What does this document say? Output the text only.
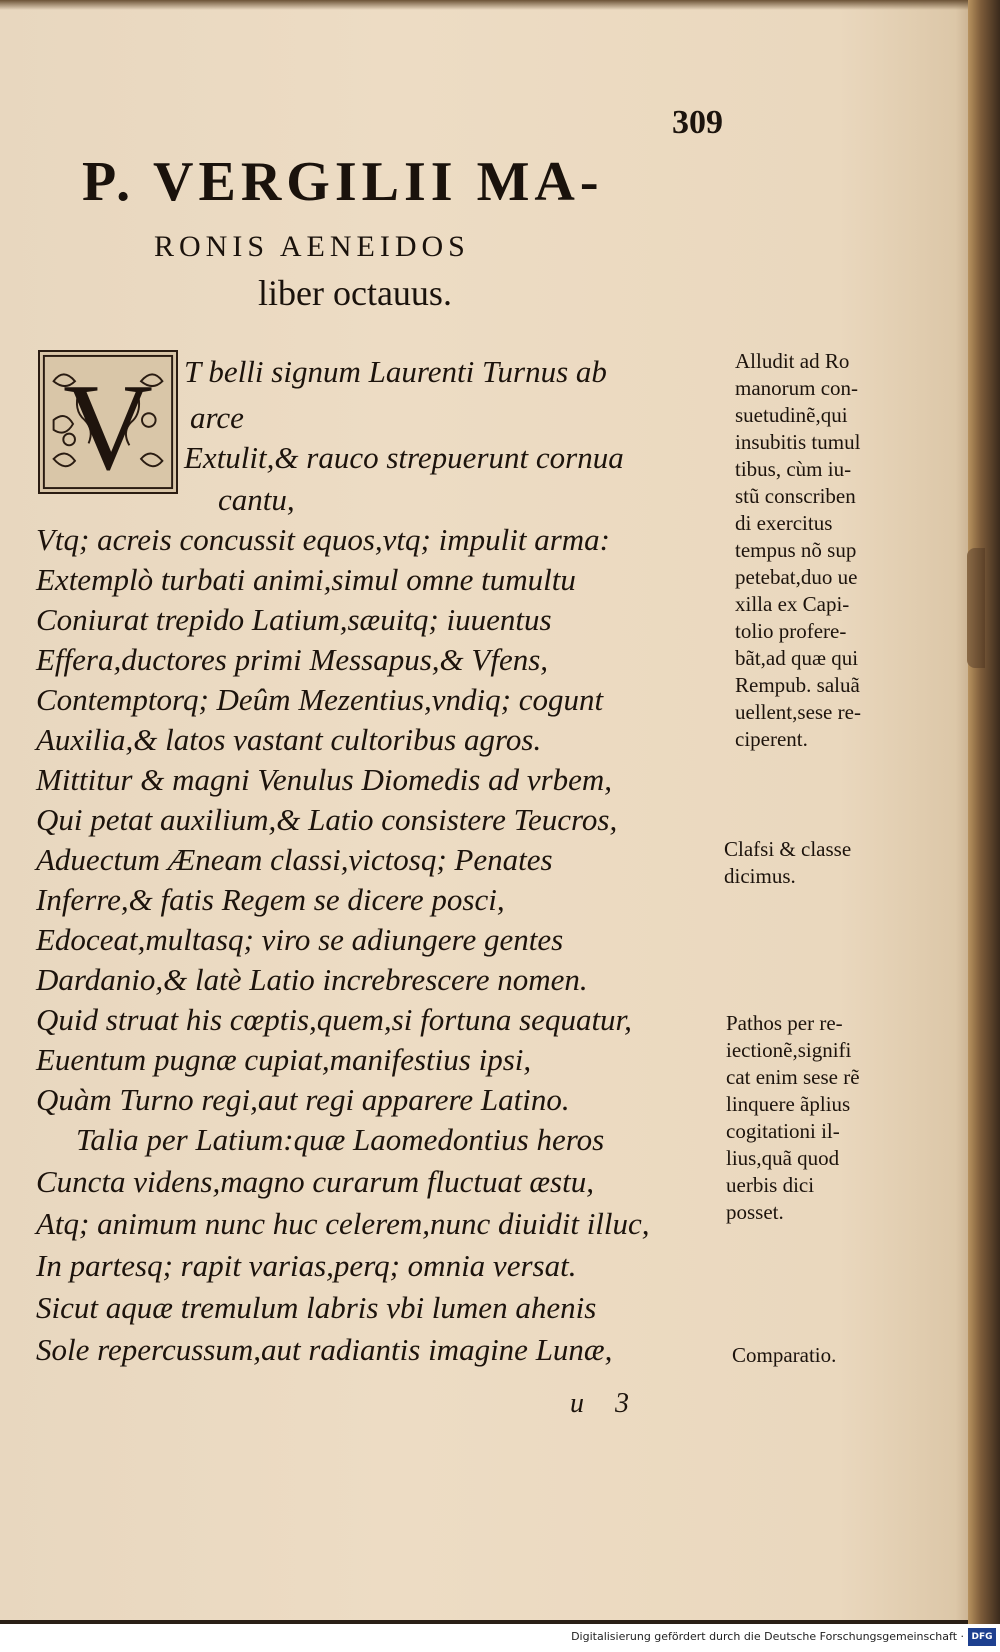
309
P. VERGILII MA-
RONIS AENEIDOS
liber octauus.
V T belli signum Laurenti Turnus ab
arce
Extulit,& rauco strepuerunt cornua
cantu,
Vtq; acreis concussit equos,vtq; impulit arma:
Extemplò turbati animi,simul omne tumultu
Coniurat trepido Latium,sæuitq; iuuentus
Effera,ductores primi Messapus,& Vfens,
Contemptorq; Deûm Mezentius,vndiq; cogunt
Auxilia,& latos vastant cultoribus agros.
Mittitur & magni Venulus Diomedis ad vrbem,
Qui petat auxilium,& Latio consistere Teucros,
Aduectum Æneam classi,victosq; Penates
Inferre,& fatis Regem se dicere posci,
Edoceat,multasq; viro se adiungere gentes
Dardanio,& latè Latio increbrescere nomen.
Quid struat his cœptis,quem,si fortuna sequatur,
Euentum pugnæ cupiat,manifestius ipsi,
Quàm Turno regi,aut regi apparere Latino.
Talia per Latium:quæ Laomedontius heros
Cuncta videns,magno curarum fluctuat æstu,
Atq; animum nunc huc celerem,nunc diuidit illuc,
In partesq; rapit varias,perq; omnia versat.
Sicut aquæ tremulum labris vbi lumen ahenis
Sole repercussum,aut radiantis imagine Lunæ,
Alludit ad Ro
manorum con-
suetudinẽ,qui
insubitis tumul
tibus, cùm iu-
stũ conscriben
di exercitus
tempus nõ sup
petebat,duo ue
xilla ex Capi-
tolio profere-
bãt,ad quæ qui
Rempub. saluã
uellent,sese re-
ciperent.
Clafsi & classe
dicimus.
Pathos per re-
iectionẽ,signifi
cat enim sese rẽ
linquere ãplius
cogitationi il-
lius,quã quod
uerbis dici
posset.
Comparatio.
u 3
Digitalisierung gefördert durch die Deutsche Forschungsgemeinschaft · DFG
